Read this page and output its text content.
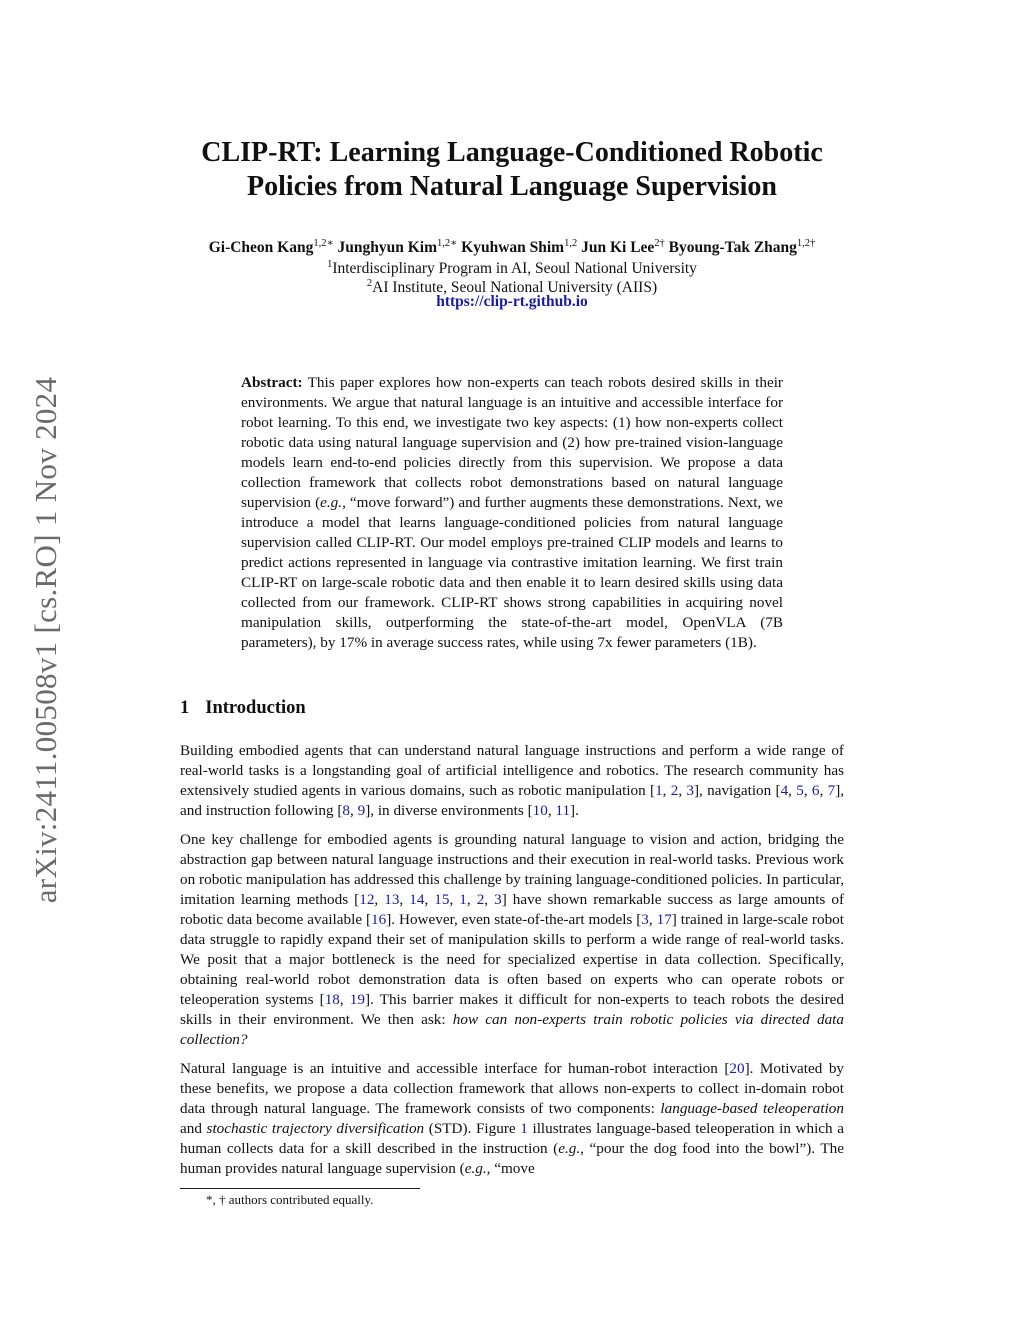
arXiv:2411.00508v1 [cs.RO] 1 Nov 2024
CLIP-RT: Learning Language-Conditioned Robotic
Policies from Natural Language Supervision
Gi-Cheon Kang$^{1,2∗}$ Junghyun Kim$^{1,2∗}$ Kyuhwan Shim$^{1,2}$ Jun Ki Lee$^{2\dagger}$ Byoung-Tak Zhang$^{1,2\dagger}$
$^1$Interdisciplinary Program in AI, Seoul National University
$^2$AI Institute, Seoul National University (AIIS)
https://clip-rt.github.io

Abstract: This paper explores how non-experts can teach robots desired skills in their environments. We argue that natural language is an intuitive and accessible interface for robot learning. To this end, we investigate two key aspects: (1) how non-experts collect robotic data using natural language supervision and (2) how pre-trained vision-language models learn end-to-end policies directly from this supervision. We propose a data collection framework that collects robot demonstrations based on natural language supervision (e.g., “move forward”) and further augments these demonstrations. Next, we introduce a model that learns language-conditioned policies from natural language supervision called CLIP-RT. Our model employs pre-trained CLIP models and learns to predict actions represented in language via contrastive imitation learning. We first train CLIP-RT on large-scale robotic data and then enable it to learn desired skills using data collected from our framework. CLIP-RT shows strong capabilities in acquiring novel manipulation skills, outperforming the state-of-the-art model, OpenVLA (7B parameters), by 17% in average success rates, while using 7x fewer parameters (1B).

1 Introduction

Building embodied agents that can understand natural language instructions and perform a wide range of real-world tasks is a longstanding goal of artificial intelligence and robotics. The research community has extensively studied agents in various domains, such as robotic manipulation [1, 2, 3], navigation [4, 5, 6, 7], and instruction following [8, 9], in diverse environments [10, 11].

One key challenge for embodied agents is grounding natural language to vision and action, bridging the abstraction gap between natural language instructions and their execution in real-world tasks. Previous work on robotic manipulation has addressed this challenge by training language-conditioned policies. In particular, imitation learning methods [12, 13, 14, 15, 1, 2, 3] have shown remarkable success as large amounts of robotic data become available [16]. However, even state-of-the-art models [3, 17] trained in large-scale robot data struggle to rapidly expand their set of manipulation skills to perform a wide range of real-world tasks. We posit that a major bottleneck is the need for specialized expertise in data collection. Specifically, obtaining real-world robot demonstration data is often based on experts who can operate robots or teleoperation systems [18, 19]. This barrier makes it difficult for non-experts to teach robots the desired skills in their environment. We then ask: how can non-experts train robotic policies via directed data collection?

Natural language is an intuitive and accessible interface for human-robot interaction [20]. Motivated by these benefits, we propose a data collection framework that allows non-experts to collect in-domain robot data through natural language. The framework consists of two components: language-based teleoperation and stochastic trajectory diversification (STD). Figure 1 illustrates language-based teleoperation in which a human collects data for a skill described in the instruction (e.g., “pour the dog food into the bowl”). The human provides natural language supervision (e.g., “move

*, † authors contributed equally.
